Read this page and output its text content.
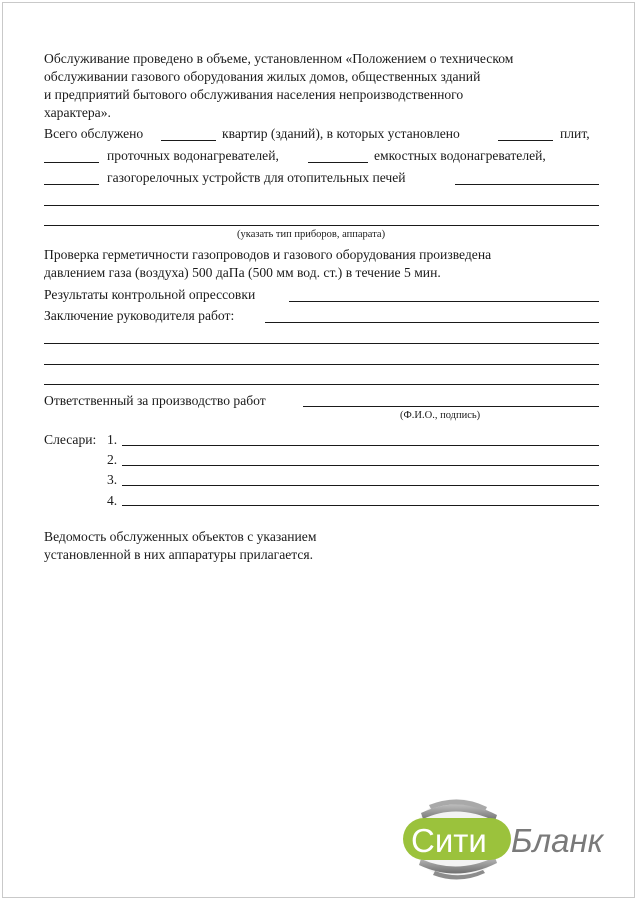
Обслуживание проведено в объеме, установленном «Положением о техническом
обслуживании газового оборудования жилых домов, общественных зданий
и предприятий бытового обслуживания населения непроизводственного
характера».
Всего обслужено	квартир (зданий), в которых установлено	плит,
проточных водонагревателей,	емкостных водонагревателей,
газогорелочных устройств для отопительных печей
(указать тип приборов, аппарата)
Проверка герметичности газопроводов и газового оборудования произведена
давлением газа (воздуха) 500 даПа (500 мм вод. ст.) в течение 5 мин.
Результаты контрольной опрессовки
Заключение руководителя работ:
Ответственный за производство работ
(Ф.И.О., подпись)
Слесари: 1.
2.
3.
4.
Ведомость обслуженных объектов с указанием
установленной в них аппаратуры прилагается.
Сити Бланк
